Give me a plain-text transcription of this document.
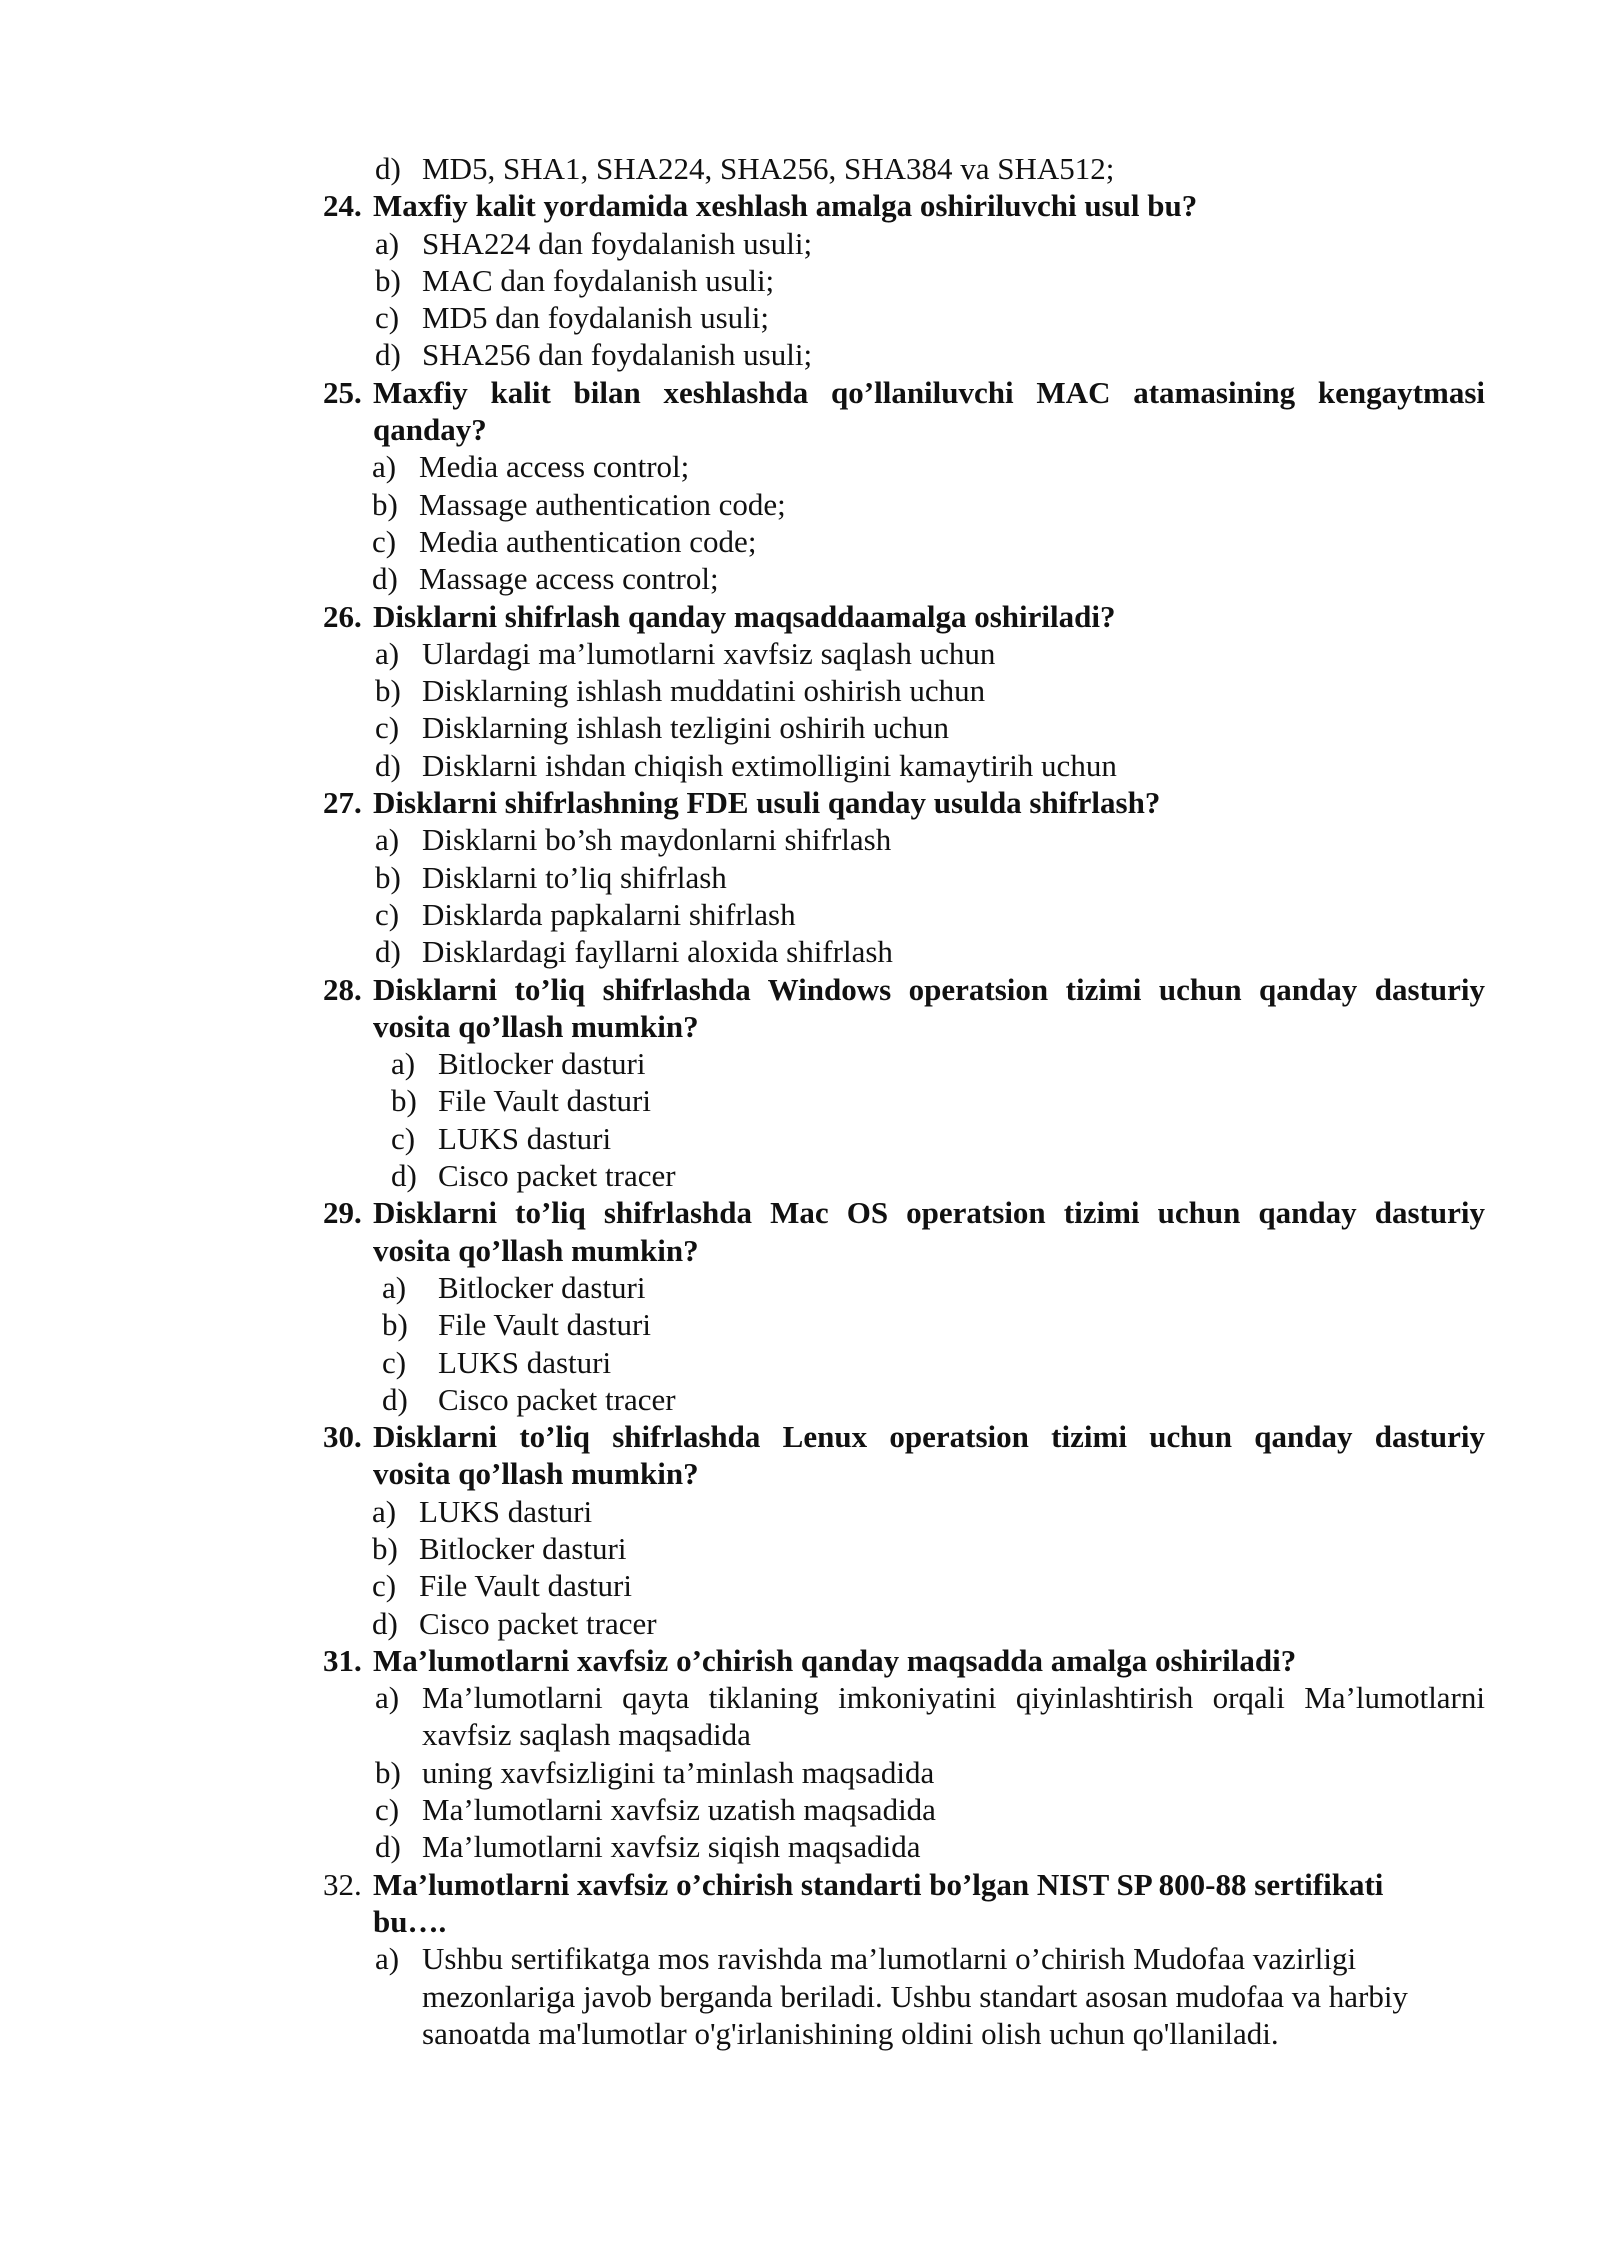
d) MD5, SHA1, SHA224, SHA256, SHA384 va SHA512;
24. Maxfiy kalit yordamida xeshlash amalga oshiriluvchi usul bu?
a) SHA224 dan foydalanish usuli;
b) MAC dan foydalanish usuli;
c) MD5 dan foydalanish usuli;
d) SHA256 dan foydalanish usuli;
25. Maxfiy kalit bilan xeshlashda qo’llaniluvchi MAC atamasining kengaytmasi
qanday?
a) Media access control;
b) Massage authentication code;
c) Media authentication code;
d) Massage access control;
26. Disklarni shifrlash qanday maqsaddaamalga oshiriladi?
a) Ulardagi ma’lumotlarni xavfsiz saqlash uchun
b) Disklarning ishlash muddatini oshirish uchun
c) Disklarning ishlash tezligini oshirih uchun
d) Disklarni ishdan chiqish extimolligini kamaytirih uchun
27. Disklarni shifrlashning FDE usuli qanday usulda shifrlash?
a) Disklarni bo’sh maydonlarni shifrlash
b) Disklarni to’liq shifrlash
c) Disklarda papkalarni shifrlash
d) Disklardagi fayllarni aloxida shifrlash
28. Disklarni to’liq shifrlashda Windows operatsion tizimi uchun qanday dasturiy
vosita qo’llash mumkin?
a) Bitlocker dasturi
b) File Vault dasturi
c) LUKS dasturi
d) Cisco packet tracer
29. Disklarni to’liq shifrlashda Mac OS operatsion tizimi uchun qanday dasturiy
vosita qo’llash mumkin?
a) Bitlocker dasturi
b) File Vault dasturi
c) LUKS dasturi
d) Cisco packet tracer
30. Disklarni to’liq shifrlashda Lenux operatsion tizimi uchun qanday dasturiy
vosita qo’llash mumkin?
a) LUKS dasturi
b) Bitlocker dasturi
c) File Vault dasturi
d) Cisco packet tracer
31. Ma’lumotlarni xavfsiz o’chirish qanday maqsadda amalga oshiriladi?
a) Ma’lumotlarni qayta tiklaning imkoniyatini qiyinlashtirish orqali Ma’lumotlarni
xavfsiz saqlash maqsadida
b) uning xavfsizligini ta’minlash maqsadida
c) Ma’lumotlarni xavfsiz uzatish maqsadida
d) Ma’lumotlarni xavfsiz siqish maqsadida
32. Ma’lumotlarni xavfsiz o’chirish standarti bo’lgan NIST SP 800-88 sertifikati
bu….
a) Ushbu sertifikatga mos ravishda ma’lumotlarni o’chirish Mudofaa vazirligi
mezonlariga javob berganda beriladi. Ushbu standart asosan mudofaa va harbiy
sanoatda ma'lumotlar o'g'irlanishining oldini olish uchun qo'llaniladi.
